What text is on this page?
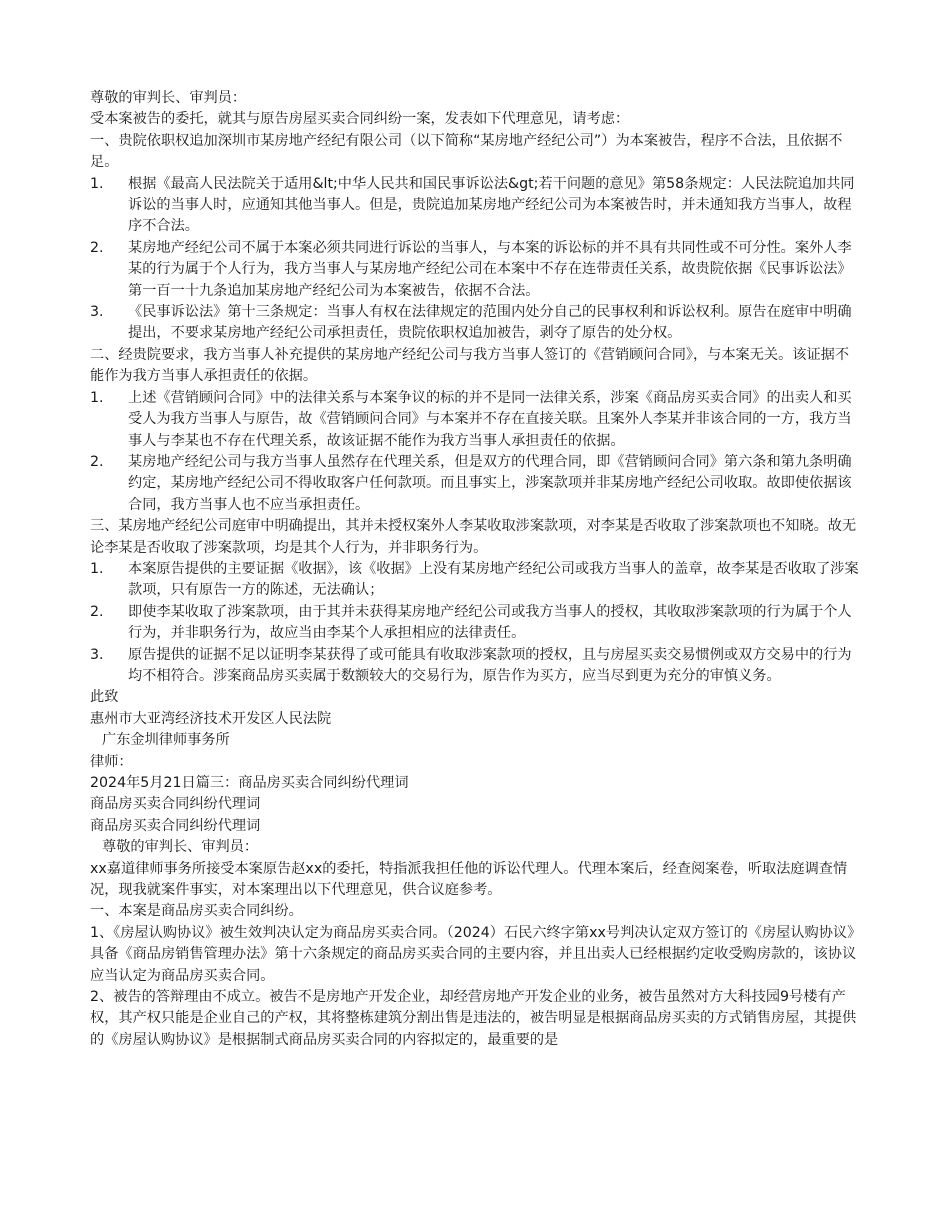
尊敬的审判长、审判员：

受本案被告的委托，就其与原告房屋买卖合同纠纷一案，发表如下代理意见，请考虑：

一、贵院依职权追加深圳市某房地产经纪有限公司（以下简称“某房地产经纪公司”）为本案被告，程序不合法，且依据不足。

1.	根据《最高人民法院关于适用&lt;中华人民共和国民事诉讼法&gt;若干问题的意见》第58条规定：人民法院追加共同诉讼的当事人时，应通知其他当事人。但是，贵院追加某房地产经纪公司为本案被告时，并未通知我方当事人，故程序不合法。
2.	某房地产经纪公司不属于本案必须共同进行诉讼的当事人，与本案的诉讼标的并不具有共同性或不可分性。案外人李某的行为属于个人行为，我方当事人与某房地产经纪公司在本案中不存在连带责任关系，故贵院依据《民事诉讼法》第一百一十九条追加某房地产经纪公司为本案被告，依据不合法。
3.	《民事诉讼法》第十三条规定：当事人有权在法律规定的范围内处分自己的民事权利和诉讼权利。原告在庭审中明确提出，不要求某房地产经纪公司承担责任，贵院依职权追加被告，剥夺了原告的处分权。

二、经贵院要求，我方当事人补充提供的某房地产经纪公司与我方当事人签订的《营销顾问合同》，与本案无关。该证据不能作为我方当事人承担责任的依据。

1.	上述《营销顾问合同》中的法律关系与本案争议的标的并不是同一法律关系，涉案《商品房买卖合同》的出卖人和买受人为我方当事人与原告，故《营销顾问合同》与本案并不存在直接关联。且案外人李某并非该合同的一方，我方当事人与李某也不存在代理关系，故该证据不能作为我方当事人承担责任的依据。
2.	某房地产经纪公司与我方当事人虽然存在代理关系，但是双方的代理合同，即《营销顾问合同》第六条和第九条明确约定，某房地产经纪公司不得收取客户任何款项。而且事实上，涉案款项并非某房地产经纪公司收取。故即使依据该合同，我方当事人也不应当承担责任。

三、某房地产经纪公司庭审中明确提出，其并未授权案外人李某收取涉案款项，对李某是否收取了涉案款项也不知晓。故无论李某是否收取了涉案款项，均是其个人行为，并非职务行为。

1.	本案原告提供的主要证据《收据》，该《收据》上没有某房地产经纪公司或我方当事人的盖章，故李某是否收取了涉案款项，只有原告一方的陈述，无法确认；
2.	即使李某收取了涉案款项，由于其并未获得某房地产经纪公司或我方当事人的授权，其收取涉案款项的行为属于个人行为，并非职务行为，故应当由李某个人承担相应的法律责任。
3.	原告提供的证据不足以证明李某获得了或可能具有收取涉案款项的授权，且与房屋买卖交易惯例或双方交易中的行为均不相符合。涉案商品房买卖属于数额较大的交易行为，原告作为买方，应当尽到更为充分的审慎义务。

此致

惠州市大亚湾经济技术开发区人民法院

广东金圳律师事务所

律师：

2024年5月21日篇三：商品房买卖合同纠纷代理词

商品房买卖合同纠纷代理词

商品房买卖合同纠纷代理词

尊敬的审判长、审判员：

xx嘉道律师事务所接受本案原告赵xx的委托，特指派我担任他的诉讼代理人。代理本案后，经查阅案卷，听取法庭调查情况，现我就案件事实，对本案理出以下代理意见，供合议庭参考。

一、本案是商品房买卖合同纠纷。

1、《房屋认购协议》被生效判决认定为商品房买卖合同。（2024）石民六终字第xx号判决认定双方签订的《房屋认购协议》具备《商品房销售管理办法》第十六条规定的商品房买卖合同的主要内容，并且出卖人已经根据约定收受购房款的，该协议应当认定为商品房买卖合同。

2、被告的答辩理由不成立。被告不是房地产开发企业，却经营房地产开发企业的业务，被告虽然对方大科技园9号楼有产权，其产权只能是企业自己的产权，其将整栋建筑分割出售是违法的，被告明显是根据商品房买卖的方式销售房屋，其提供的《房屋认购协议》是根据制式商品房买卖合同的内容拟定的，最重要的是
